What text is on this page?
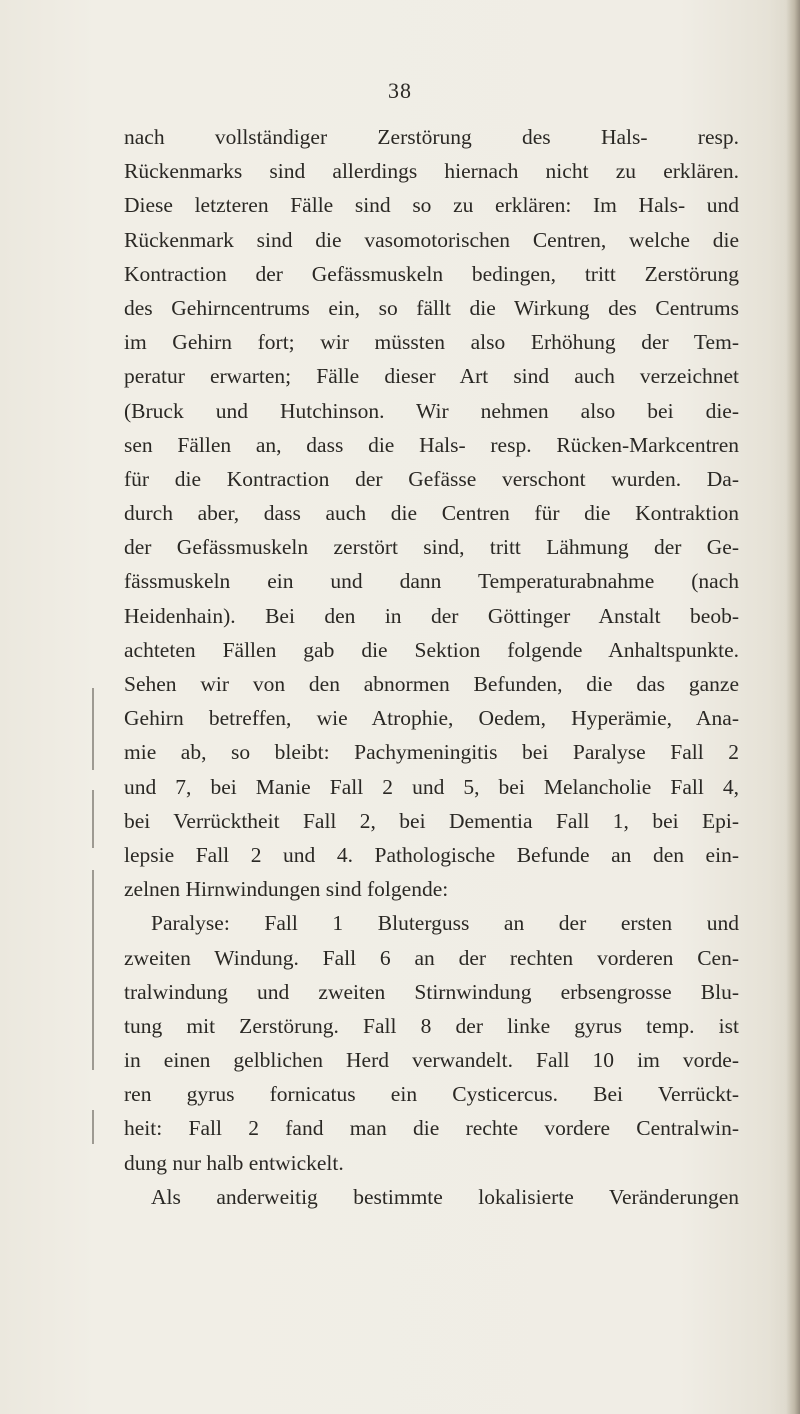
38
nach vollständiger Zerstörung des Hals- resp.
Rückenmarks sind allerdings hiernach nicht zu erklären.
Diese letzteren Fälle sind so zu erklären: Im Hals- und
Rückenmark sind die vasomotorischen Centren, welche die
Kontraction der Gefässmuskeln bedingen, tritt Zerstörung
des Gehirncentrums ein, so fällt die Wirkung des Centrums
im Gehirn fort; wir müssten also Erhöhung der Tem-
peratur erwarten; Fälle dieser Art sind auch verzeichnet
(Bruck und Hutchinson. Wir nehmen also bei die-
sen Fällen an, dass die Hals- resp. Rücken-Markcentren
für die Kontraction der Gefässe verschont wurden. Da-
durch aber, dass auch die Centren für die Kontraktion
der Gefässmuskeln zerstört sind, tritt Lähmung der Ge-
fässmuskeln ein und dann Temperaturabnahme (nach
Heidenhain). Bei den in der Göttinger Anstalt beob-
achteten Fällen gab die Sektion folgende Anhaltspunkte.
Sehen wir von den abnormen Befunden, die das ganze
Gehirn betreffen, wie Atrophie, Oedem, Hyperämie, Ana-
mie ab, so bleibt: Pachymeningitis bei Paralyse Fall 2
und 7, bei Manie Fall 2 und 5, bei Melancholie Fall 4,
bei Verrücktheit Fall 2, bei Dementia Fall 1, bei Epi-
lepsie Fall 2 und 4. Pathologische Befunde an den ein-
zelnen Hirnwindungen sind folgende:
Paralyse: Fall 1 Bluterguss an der ersten und
zweiten Windung. Fall 6 an der rechten vorderen Cen-
tralwindung und zweiten Stirnwindung erbsengrosse Blu-
tung mit Zerstörung. Fall 8 der linke gyrus temp. ist
in einen gelblichen Herd verwandelt. Fall 10 im vorde-
ren gyrus fornicatus ein Cysticercus. Bei Verrückt-
heit: Fall 2 fand man die rechte vordere Centralwin-
dung nur halb entwickelt.
Als anderweitig bestimmte lokalisierte Veränderungen
